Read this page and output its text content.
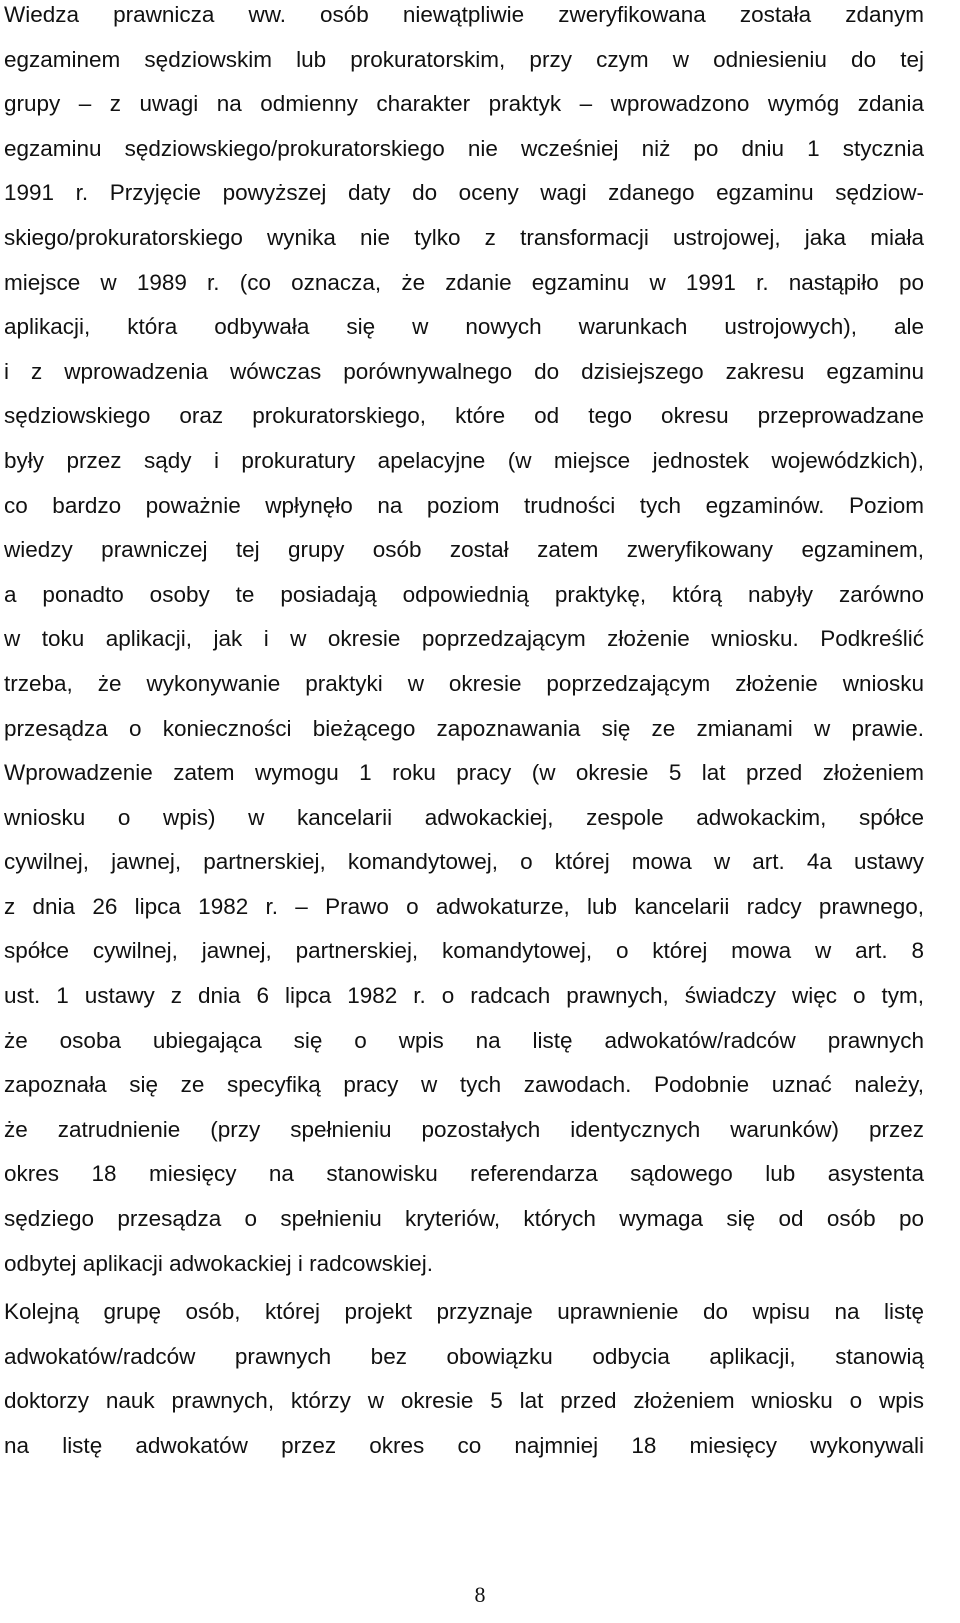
Wiedza prawnicza ww. osób niewątpliwie zweryfikowana została zdanym
egzaminem sędziowskim lub prokuratorskim, przy czym w odniesieniu do tej
grupy – z uwagi na odmienny charakter praktyk – wprowadzono wymóg zdania
egzaminu sędziowskiego/prokuratorskiego nie wcześniej niż po dniu 1 stycznia
1991 r. Przyjęcie powyższej daty do oceny wagi zdanego egzaminu sędziow-
skiego/prokuratorskiego wynika nie tylko z transformacji ustrojowej, jaka miała
miejsce w 1989 r. (co oznacza, że zdanie egzaminu w 1991 r. nastąpiło po
aplikacji, która odbywała się w nowych warunkach ustrojowych), ale
i z wprowadzenia wówczas porównywalnego do dzisiejszego zakresu egzaminu
sędziowskiego oraz prokuratorskiego, które od tego okresu przeprowadzane
były przez sądy i prokuratury apelacyjne (w miejsce jednostek wojewódzkich),
co bardzo poważnie wpłynęło na poziom trudności tych egzaminów. Poziom
wiedzy prawniczej tej grupy osób został zatem zweryfikowany egzaminem,
a ponadto osoby te posiadają odpowiednią praktykę, którą nabyły zarówno
w toku aplikacji, jak i w okresie poprzedzającym złożenie wniosku. Podkreślić
trzeba, że wykonywanie praktyki w okresie poprzedzającym złożenie wniosku
przesądza o konieczności bieżącego zapoznawania się ze zmianami w prawie.
Wprowadzenie zatem wymogu 1 roku pracy (w okresie 5 lat przed złożeniem
wniosku o wpis) w kancelarii adwokackiej, zespole adwokackim, spółce
cywilnej, jawnej, partnerskiej, komandytowej, o której mowa w art. 4a ustawy
z dnia 26 lipca 1982 r. – Prawo o adwokaturze, lub kancelarii radcy prawnego,
spółce cywilnej, jawnej, partnerskiej, komandytowej, o której mowa w art. 8
ust. 1 ustawy z dnia 6 lipca 1982 r. o radcach prawnych, świadczy więc o tym,
że osoba ubiegająca się o wpis na listę adwokatów/radców prawnych
zapoznała się ze specyfiką pracy w tych zawodach. Podobnie uznać należy,
że zatrudnienie (przy spełnieniu pozostałych identycznych warunków) przez
okres 18 miesięcy na stanowisku referendarza sądowego lub asystenta
sędziego przesądza o spełnieniu kryteriów, których wymaga się od osób po
odbytej aplikacji adwokackiej i radcowskiej.
Kolejną grupę osób, której projekt przyznaje uprawnienie do wpisu na listę
adwokatów/radców prawnych bez obowiązku odbycia aplikacji, stanowią
doktorzy nauk prawnych, którzy w okresie 5 lat przed złożeniem wniosku o wpis
na listę adwokatów przez okres co najmniej 18 miesięcy wykonywali
8
